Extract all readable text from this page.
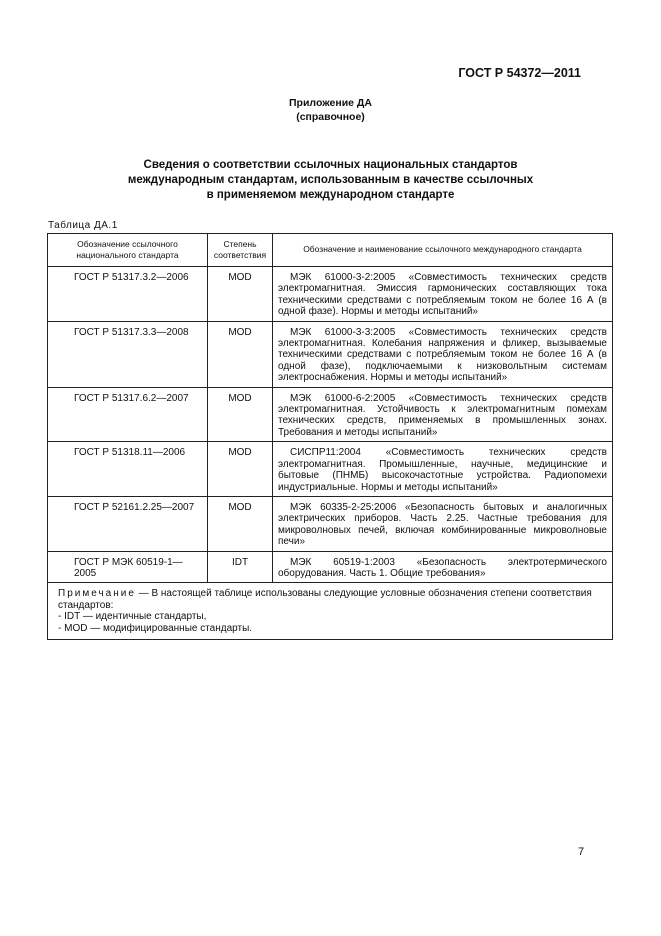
ГОСТ Р 54372—2011
Приложение ДА
(справочное)
Сведения о соответствии ссылочных национальных стандартов
международным стандартам, использованным в качестве ссылочных
в применяемом международном стандарте
Таблица ДА.1
Обозначение ссылочного национального стандарта	Степень соответствия	Обозначение и наименование ссылочного международного стандарта
ГОСТ Р 51317.3.2—2006	MOD	МЭК 61000-3-2:2005 «Совместимость технических средств электромагнитная. Эмиссия гармонических составляющих тока техническими средствами с потребляемым током не более 16 А (в одной фазе). Нормы и методы испытаний»
ГОСТ Р 51317.3.3—2008	MOD	МЭК 61000-3-3:2005 «Совместимость технических средств электромагнитная. Колебания напряжения и фликер, вызываемые техническими средствами с потребляемым током не более 16 А (в одной фазе), подключаемыми к низковольтным системам электроснабжения. Нормы и методы испытаний»
ГОСТ Р 51317.6.2—2007	MOD	МЭК 61000-6-2:2005 «Совместимость технических средств электромагнитная. Устойчивость к электромагнитным помехам технических средств, применяемых в промышленных зонах. Требования и методы испытаний»
ГОСТ Р 51318.11—2006	MOD	СИСПР11:2004 «Совместимость технических средств электромагнитная. Промышленные, научные, медицинские и бытовые (ПНМБ) высокочастотные устройства. Радиопомехи индустриальные. Нормы и методы испытаний»
ГОСТ Р 52161.2.25—2007	MOD	МЭК 60335-2-25:2006 «Безопасность бытовых и аналогичных электрических приборов. Часть 2.25. Частные требования для микроволновых печей, включая комбинированные микроволновые печи»
ГОСТ Р МЭК 60519-1—2005	IDT	МЭК 60519-1:2003 «Безопасность электротермического оборудования. Часть 1. Общие требования»

Примечание — В настоящей таблице использованы следующие условные обозначения степени соответствия стандартов:
- IDT — идентичные стандарты,
- MOD — модифицированные стандарты.		
7
